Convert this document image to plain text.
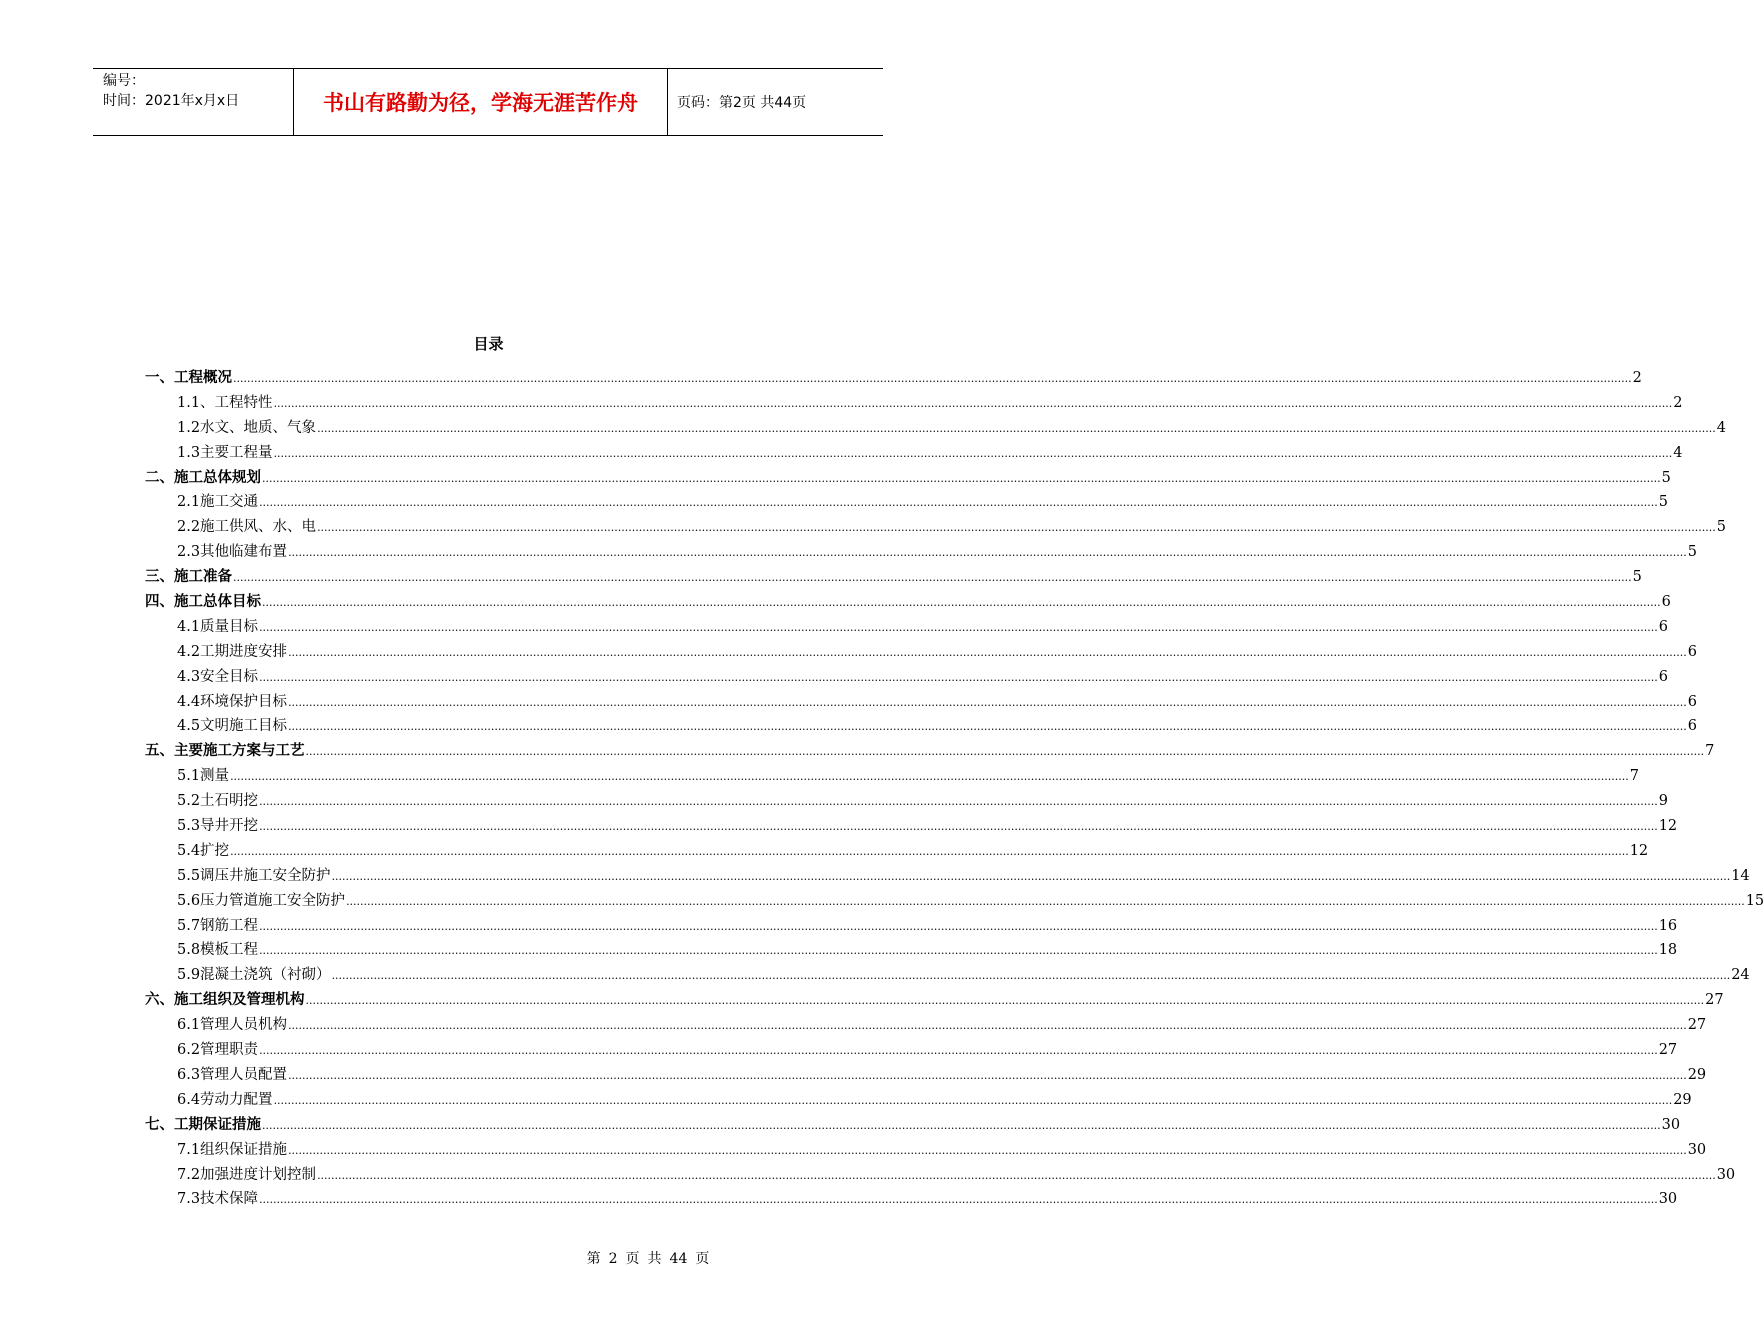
编号：
时间：2021年x月x日	书山有路勤为径，学海无涯苦作舟	页码：第2页 共44页
目录
一、工程概况 ................................................................................................................................................................................................................................................................................................................................................................................................................ 2
1.1、工程特性 ................................................................................................................................................................................................................................................................................................................................................................................................................ 2
1.2水文、地质、气象 ................................................................................................................................................................................................................................................................................................................................................................................................................ 4
1.3主要工程量 ................................................................................................................................................................................................................................................................................................................................................................................................................ 4
二、施工总体规划 ................................................................................................................................................................................................................................................................................................................................................................................................................ 5
2.1施工交通 ................................................................................................................................................................................................................................................................................................................................................................................................................ 5
2.2施工供风、水、电 ................................................................................................................................................................................................................................................................................................................................................................................................................ 5
2.3其他临建布置 ................................................................................................................................................................................................................................................................................................................................................................................................................ 5
三、施工准备 ................................................................................................................................................................................................................................................................................................................................................................................................................ 5
四、施工总体目标 ................................................................................................................................................................................................................................................................................................................................................................................................................ 6
4.1质量目标 ................................................................................................................................................................................................................................................................................................................................................................................................................ 6
4.2工期进度安排 ................................................................................................................................................................................................................................................................................................................................................................................................................ 6
4.3安全目标 ................................................................................................................................................................................................................................................................................................................................................................................................................ 6
4.4环境保护目标 ................................................................................................................................................................................................................................................................................................................................................................................................................ 6
4.5文明施工目标 ................................................................................................................................................................................................................................................................................................................................................................................................................ 6
五、主要施工方案与工艺 ................................................................................................................................................................................................................................................................................................................................................................................................................ 7
5.1测量 ................................................................................................................................................................................................................................................................................................................................................................................................................ 7
5.2土石明挖 ................................................................................................................................................................................................................................................................................................................................................................................................................ 9
5.3导井开挖 ................................................................................................................................................................................................................................................................................................................................................................................................................ 12
5.4扩挖 ................................................................................................................................................................................................................................................................................................................................................................................................................ 12
5.5调压井施工安全防护 ................................................................................................................................................................................................................................................................................................................................................................................................................ 14
5.6压力管道施工安全防护 ................................................................................................................................................................................................................................................................................................................................................................................................................ 15
5.7钢筋工程 ................................................................................................................................................................................................................................................................................................................................................................................................................ 16
5.8模板工程 ................................................................................................................................................................................................................................................................................................................................................................................................................ 18
5.9混凝土浇筑（衬砌） ................................................................................................................................................................................................................................................................................................................................................................................................................ 24
六、施工组织及管理机构 ................................................................................................................................................................................................................................................................................................................................................................................................................ 27
6.1管理人员机构 ................................................................................................................................................................................................................................................................................................................................................................................................................ 27
6.2管理职责 ................................................................................................................................................................................................................................................................................................................................................................................................................ 27
6.3管理人员配置 ................................................................................................................................................................................................................................................................................................................................................................................................................ 29
6.4劳动力配置 ................................................................................................................................................................................................................................................................................................................................................................................................................ 29
七、工期保证措施 ................................................................................................................................................................................................................................................................................................................................................................................................................ 30
7.1组织保证措施 ................................................................................................................................................................................................................................................................................................................................................................................................................ 30
7.2加强进度计划控制 ................................................................................................................................................................................................................................................................................................................................................................................................................ 30
7.3技术保障 ................................................................................................................................................................................................................................................................................................................................................................................................................ 30
第 2 页 共 44 页
